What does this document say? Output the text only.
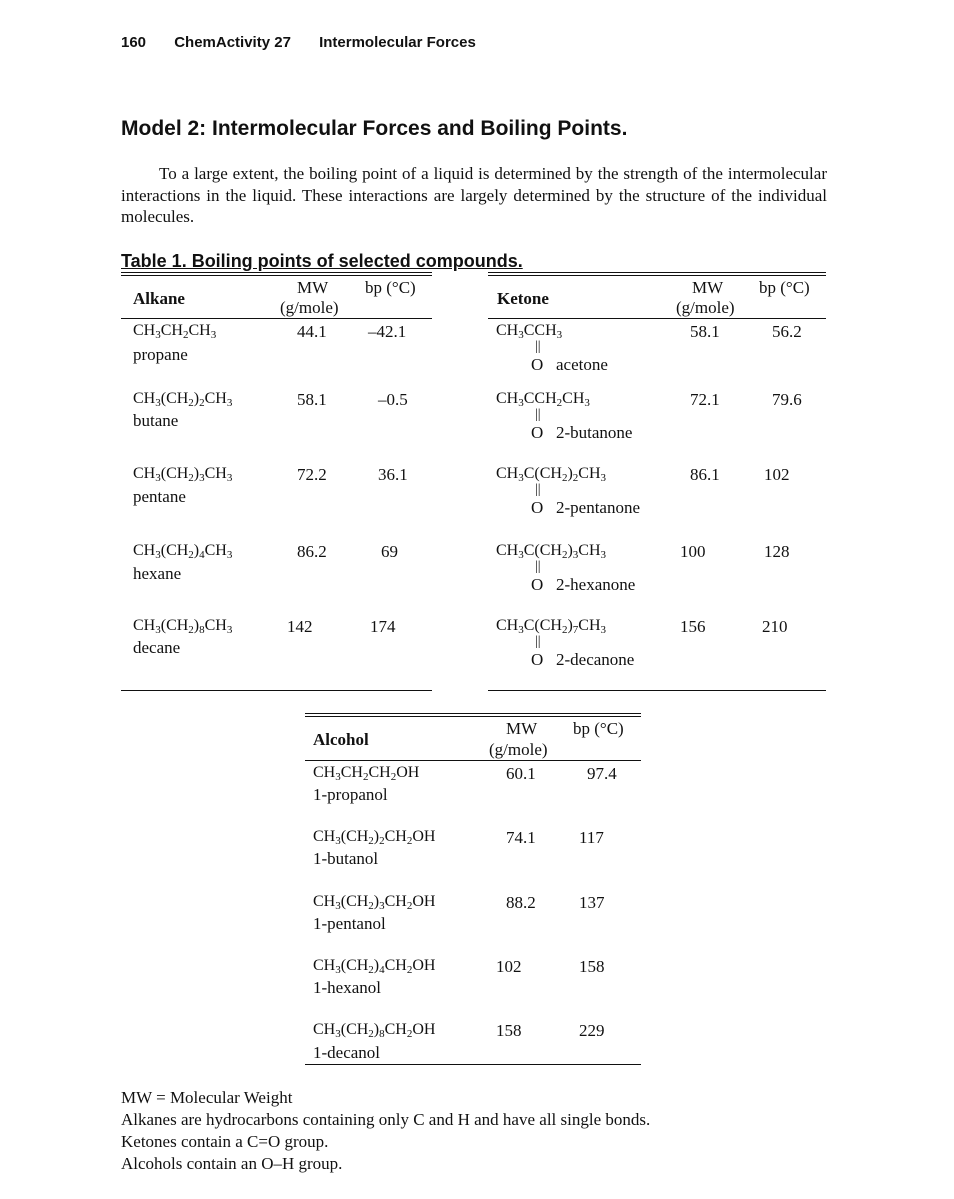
160 ChemActivity 27 Intermolecular Forces
Model 2: Intermolecular Forces and Boiling Points.
To a large extent, the boiling point of a liquid is determined by the strength of the intermolecular interactions in the liquid. These interactions are largely determined by the structure of the individual molecules.
Table 1. Boiling points of selected compounds.
Alkane
MW
(g/mole)
bp (°C)
$CH_3CH_2CH_3$
propane
44.1 –42.1
$CH_3(CH_2)_2CH_3$
butane
58.1	–0.5
$CH_3(CH_2)_3CH_3$
pentane
72.2	36.1
$CH_3(CH_2)_4CH_3$
hexane
86.2	69
$CH_3(CH_2)_8CH_3$
decane
142	174
Ketone
MW
(g/mole)
bp (°C)
$CH_3CCH_3$
||
O acetone
58.1	56.2
$CH_3CCH_2CH_3$
||
O 2-butanone
72.1	79.6
$CH_3C(CH_2)_2CH_3$
||
O 2-pentanone
86.1	102
$CH_3C(CH_2)_3CH_3$
||
O 2-hexanone
100	128
$CH_3C(CH_2)_7CH_3$
||
O 2-decanone
156	210
Alcohol
MW
(g/mole)
bp (°C)
$CH_3CH_2CH_2OH$
1-propanol
60.1	97.4
$CH_3(CH_2)_2CH_2OH$
1-butanol
74.1	117
$CH_3(CH_2)_3CH_2OH$
1-pentanol
88.2	137
$CH_3(CH_2)_4CH_2OH$
1-hexanol
102	158
$CH_3(CH_2)_8CH_2OH$
1-decanol
158	229
MW = Molecular Weight
Alkanes are hydrocarbons containing only C and H and have all single bonds.
Ketones contain a C=O group.
Alcohols contain an O–H group.
